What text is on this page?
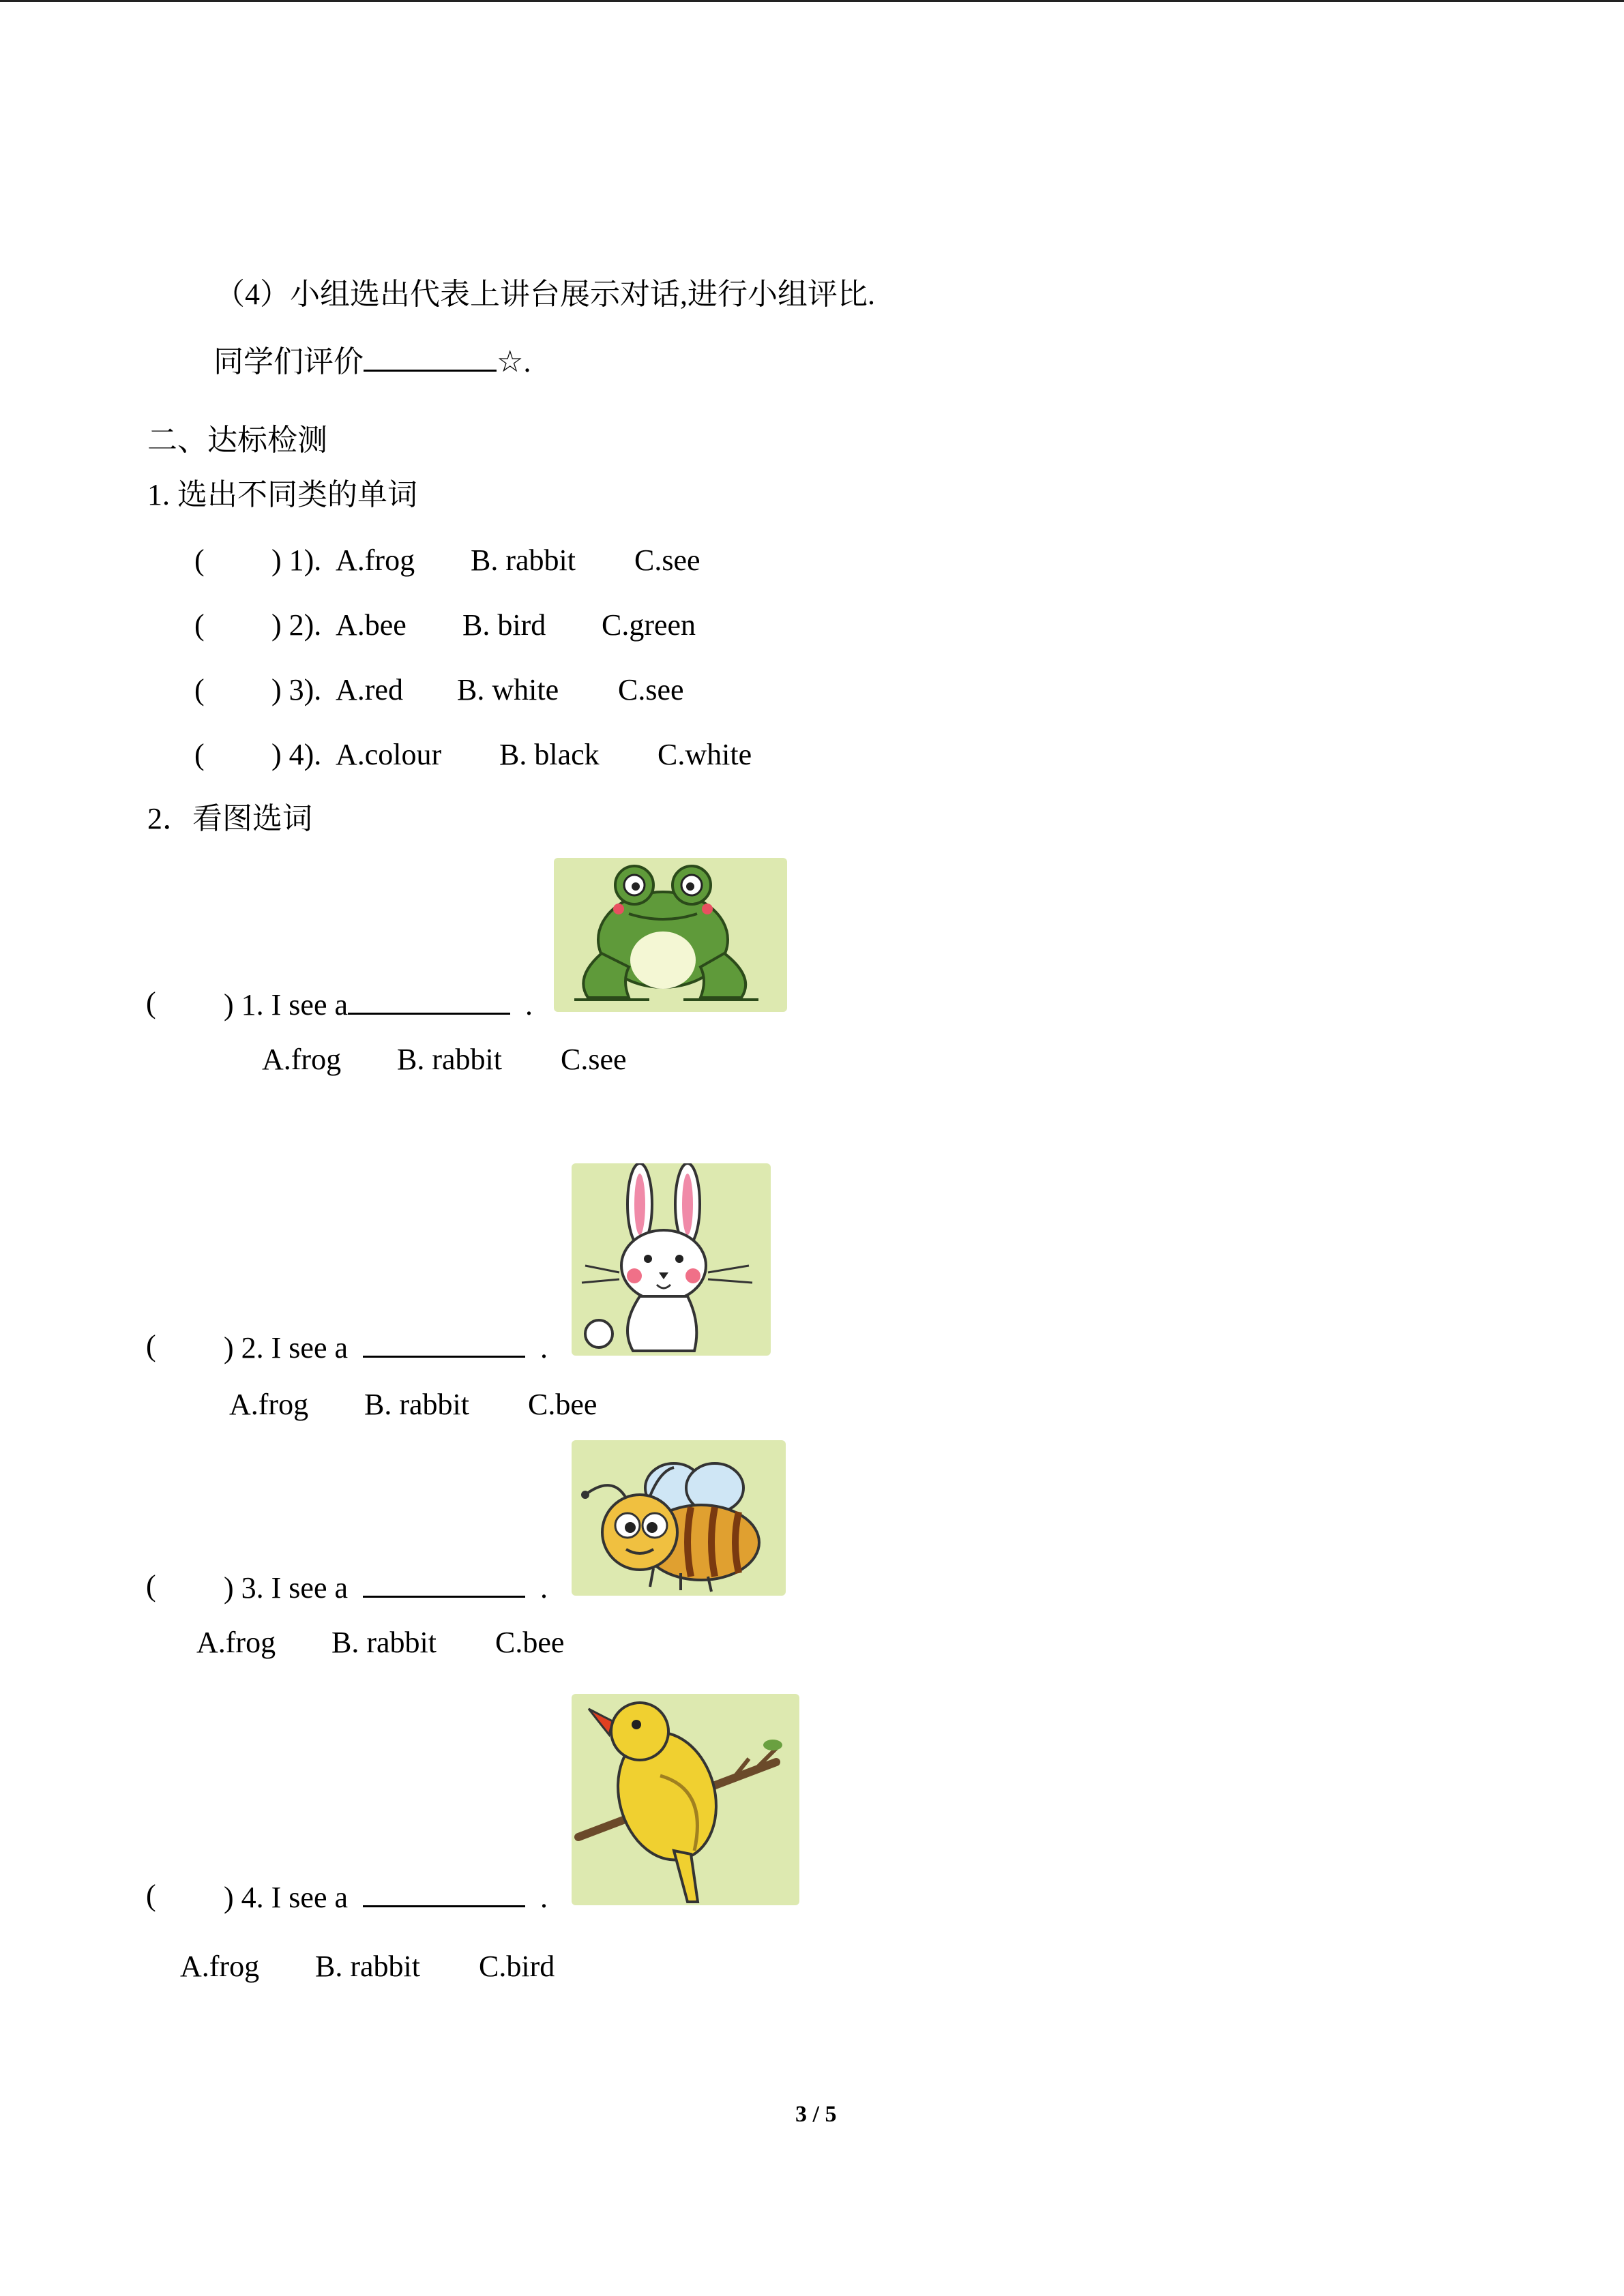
（4）小组选出代表上讲台展示对话,进行小组评比.
同学们评价	☆.
二、达标检测
1. 选出不同类的单词
( ) 1). A.frog B. rabbit C.see
( ) 2). A.bee B. bird C.green
( ) 3). A.red B. white C.see
( ) 4). A.colour B. black C.white
2．看图选词
( ) 1. I see a	.
A.frog B. rabbit C.see
( ) 2. I see a	.
A.frog B. rabbit C.bee
( ) 3. I see a	.
A.frog B. rabbit C.bee
( ) 4. I see a	.
A.frog B. rabbit C.bird
3 / 5
